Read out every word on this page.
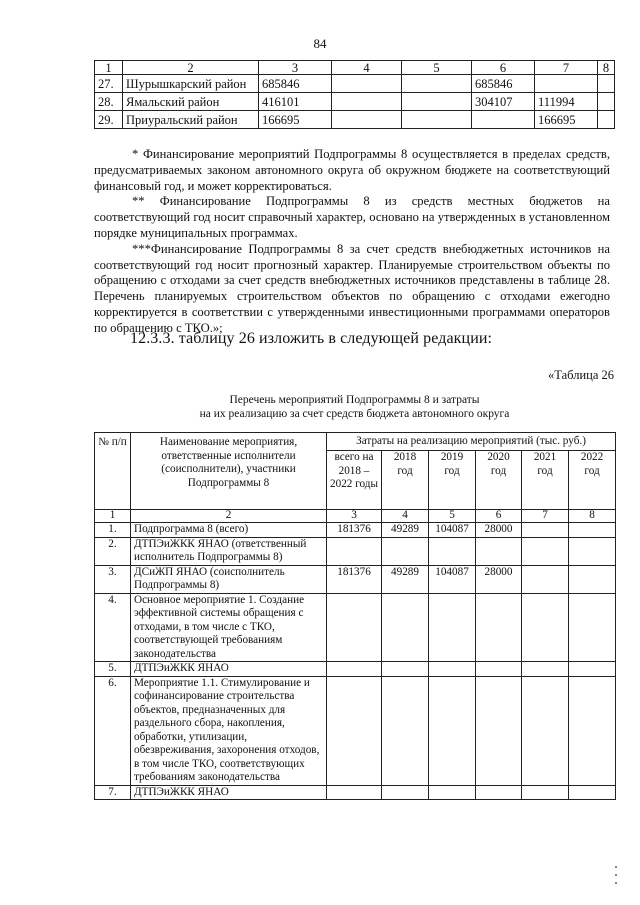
84
1	2	3	4	5	6	7	8
27.	Шурышкарский район	685846			685846		
28.	Ямальский район	416101			304107	111994	
29.	Приуральский район	166695				166695	

* Финансирование мероприятий Подпрограммы 8 осуществляется в пределах средств, предусматриваемых законом автономного округа об окружном бюджете на соответствующий финансовый год, и может корректироваться.

** Финансирование Подпрограммы 8 из средств местных бюджетов на соответствующий год носит справочный характер, основано на утвержденных в установленном порядке муниципальных программах.

***Финансирование Подпрограммы 8 за счет средств внебюджетных источников на соответствующий год носит прогнозный характер. Планируемые строительством объекты по обращению с отходами за счет средств внебюджетных источников представлены в таблице 28. Перечень планируемых строительством объектов по обращению с отходами ежегодно корректируется в соответствии с утвержденными инвестиционными программами операторов по обращению с ТКО.»;

12.3.3. таблицу 26 изложить в следующей редакции:
«Таблица 26
Перечень мероприятий Подпрограммы 8 и затраты
на их реализацию за счет средств бюджета автономного округа
№ п/п	Наименование мероприятия, ответственные исполнители (соисполнители), участники Подпрограммы 8	Затраты на реализацию мероприятий (тыс. руб.)					
		всего на 2018 – 2022 годы	2018 год	2019 год	2020 год	2021 год	2022 год
1	2	3	4	5	6	7	8
1.	Подпрограмма 8 (всего)	181376	49289	104087	28000		
2.	ДТПЭиЖКК ЯНАО (ответственный исполнитель Подпрограммы 8)						
3.	ДСиЖП ЯНАО (соисполнитель Подпрограммы 8)	181376	49289	104087	28000		
4.	Основное мероприятие 1. Создание эффективной системы обращения с отходами, в том числе с ТКО, соответствующей требованиям законодательства						
5.	ДТПЭиЖКК ЯНАО						
6.	Мероприятие 1.1. Стимулирование и софинансирование строительства объектов, предназначенных для раздельного сбора, накопления, обработки, утилизации, обезвреживания, захоронения отходов, в том числе ТКО, соответствующих требованиям законодательства						
7.	ДТПЭиЖКК ЯНАО						
